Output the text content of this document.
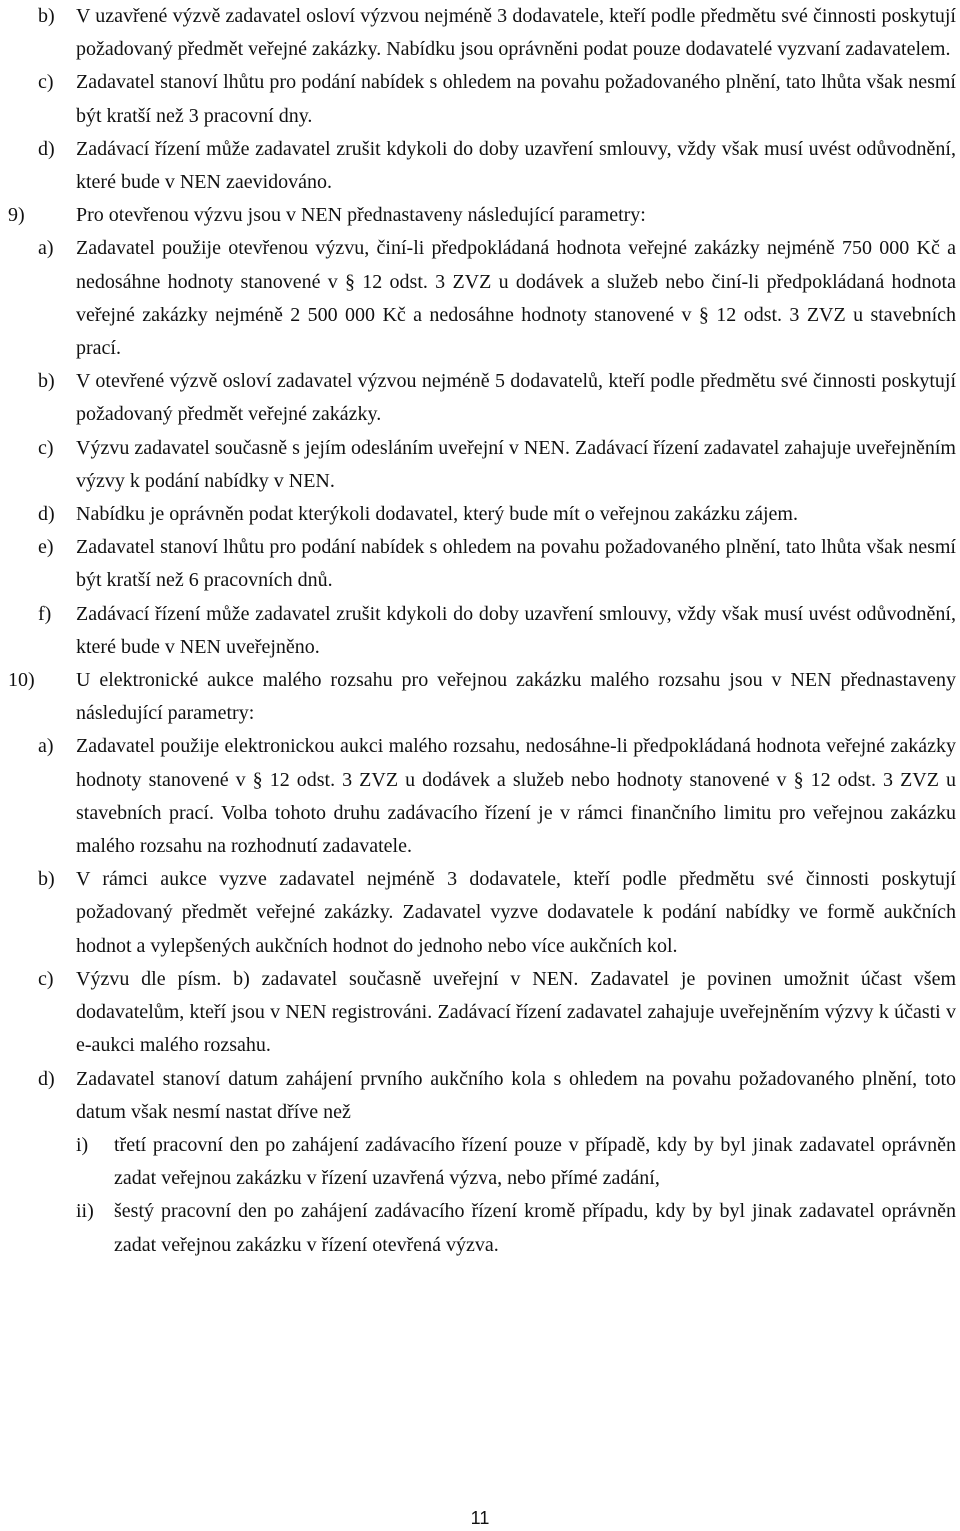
b)	V uzavřené výzvě zadavatel osloví výzvou nejméně 3 dodavatele, kteří podle předmětu své činnosti poskytují požadovaný předmět veřejné zakázky. Nabídku jsou oprávněni podat pouze dodavatelé vyzvaní zadavatelem.
c)	Zadavatel stanoví lhůtu pro podání nabídek s ohledem na povahu požadovaného plnění, tato lhůta však nesmí být kratší než 3 pracovní dny.
d)	Zadávací řízení může zadavatel zrušit kdykoli do doby uzavření smlouvy, vždy však musí uvést odůvodnění, které bude v NEN zaevidováno.
9)	Pro otevřenou výzvu jsou v NEN přednastaveny následující parametry:
a)	Zadavatel použije otevřenou výzvu, činí-li předpokládaná hodnota veřejné zakázky nejméně 750 000 Kč a nedosáhne hodnoty stanovené v § 12 odst. 3 ZVZ u dodávek a služeb nebo činí-li předpokládaná hodnota veřejné zakázky nejméně 2 500 000 Kč a nedosáhne hodnoty stanovené v § 12 odst. 3 ZVZ u stavebních prací.
b)	V otevřené výzvě osloví zadavatel výzvou nejméně 5 dodavatelů, kteří podle předmětu své činnosti poskytují požadovaný předmět veřejné zakázky.
c)	Výzvu zadavatel současně s jejím odesláním uveřejní v NEN. Zadávací řízení zadavatel zahajuje uveřejněním výzvy k podání nabídky v NEN.
d)	Nabídku je oprávněn podat kterýkoli dodavatel, který bude mít o veřejnou zakázku zájem.
e)	Zadavatel stanoví lhůtu pro podání nabídek s ohledem na povahu požadovaného plnění, tato lhůta však nesmí být kratší než 6 pracovních dnů.
f)	Zadávací řízení může zadavatel zrušit kdykoli do doby uzavření smlouvy, vždy však musí uvést odůvodnění, které bude v NEN uveřejněno.
10)	U elektronické aukce malého rozsahu pro veřejnou zakázku malého rozsahu jsou v NEN přednastaveny následující parametry:
a)	Zadavatel použije elektronickou aukci malého rozsahu, nedosáhne-li předpokládaná hodnota veřejné zakázky hodnoty stanovené v § 12 odst. 3 ZVZ u dodávek a služeb nebo hodnoty stanovené v § 12 odst. 3 ZVZ u stavebních prací. Volba tohoto druhu zadávacího řízení je v rámci finančního limitu pro veřejnou zakázku malého rozsahu na rozhodnutí zadavatele.
b)	V rámci aukce vyzve zadavatel nejméně 3 dodavatele, kteří podle předmětu své činnosti poskytují požadovaný předmět veřejné zakázky. Zadavatel vyzve dodavatele k podání nabídky ve formě aukčních hodnot a vylepšených aukčních hodnot do jednoho nebo více aukčních kol.
c)	Výzvu dle písm. b) zadavatel současně uveřejní v NEN. Zadavatel je povinen umožnit účast všem dodavatelům, kteří jsou v NEN registrováni. Zadávací řízení zadavatel zahajuje uveřejněním výzvy k účasti v e-aukci malého rozsahu.
d)	Zadavatel stanoví datum zahájení prvního aukčního kola s ohledem na povahu požadovaného plnění, toto datum však nesmí nastat dříve než
i)	třetí pracovní den po zahájení zadávacího řízení pouze v případě, kdy by byl jinak zadavatel oprávněn zadat veřejnou zakázku v řízení uzavřená výzva, nebo přímé zadání,
ii)	šestý pracovní den po zahájení zadávacího řízení kromě případu, kdy by byl jinak zadavatel oprávněn zadat veřejnou zakázku v řízení otevřená výzva.
11
